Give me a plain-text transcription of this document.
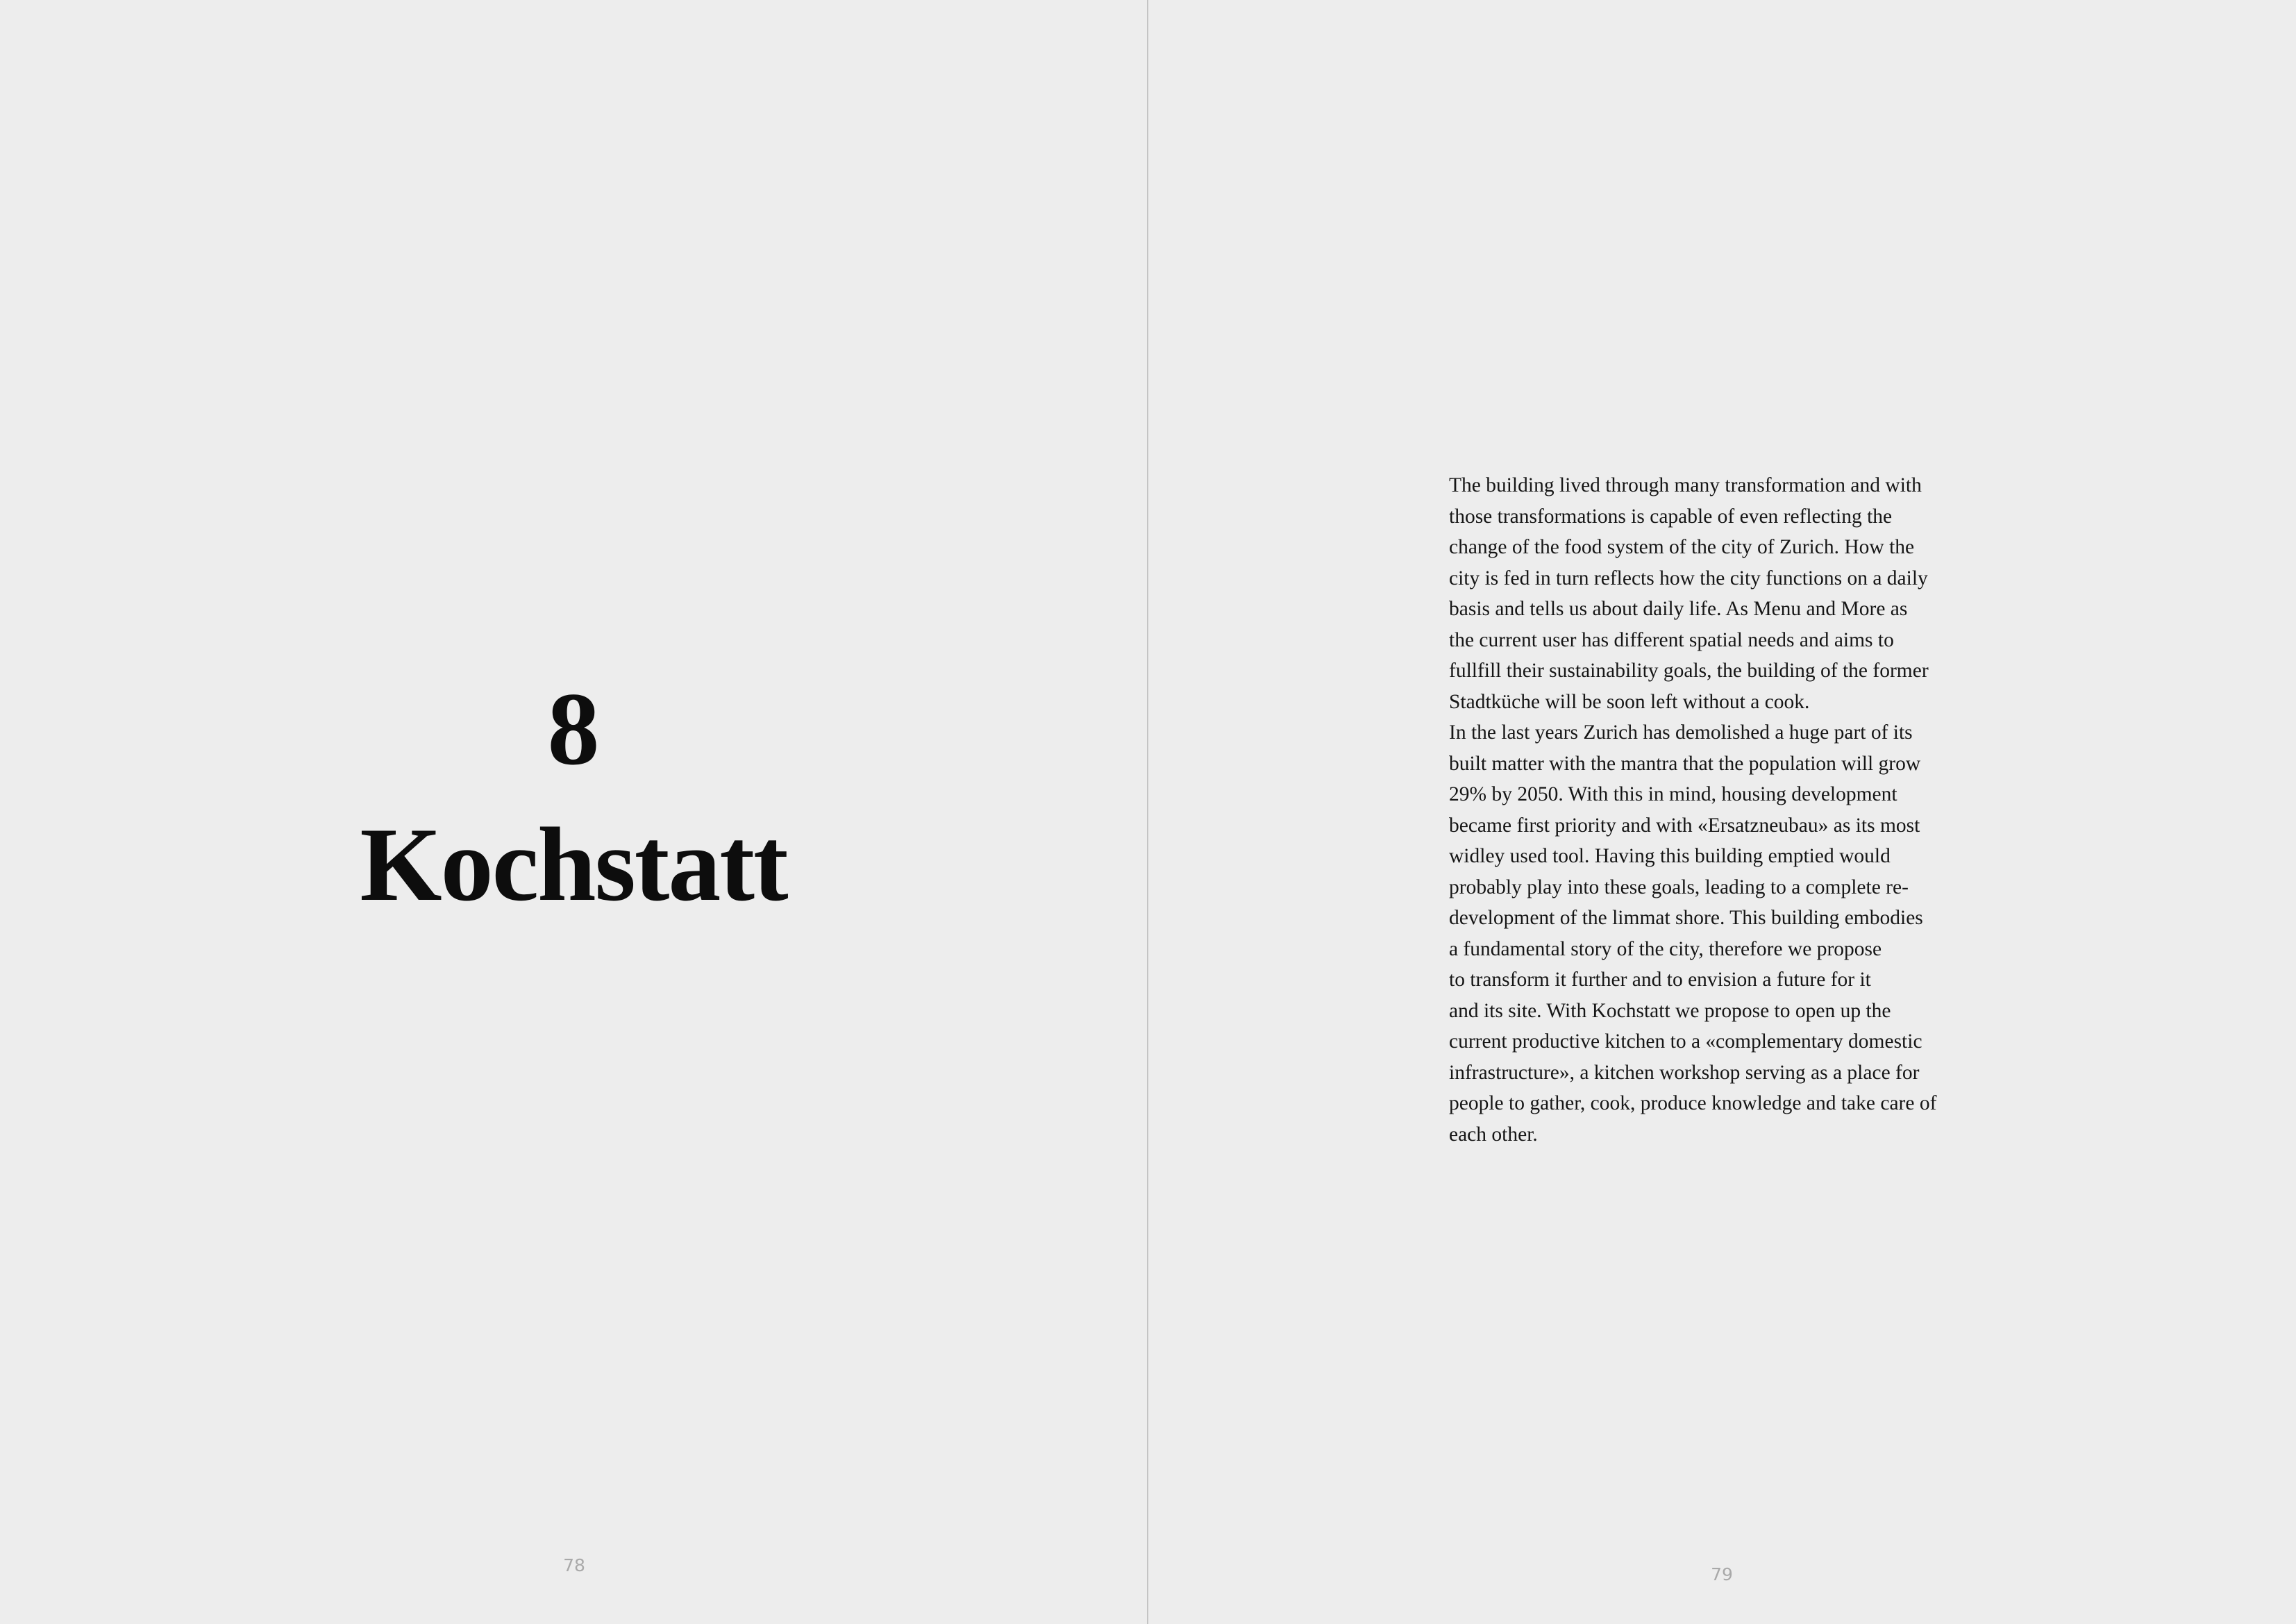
8
Kochstatt
78

The building lived through many transformation and with
those transformations is capable of even reflecting the
change of the food system of the city of Zurich. How the
city is fed in turn reflects how the city functions on a daily
basis and tells us about daily life. As Menu and More as
the current user has different spatial needs and aims to
fullfill their sustainability goals, the building of the former
Stadtküche will be soon left without a cook.
In the last years Zurich has demolished a huge part of its
built matter with the mantra that the population will grow
29% by 2050. With this in mind, housing development
became first priority and with «Ersatzneubau» as its most
widley used tool. Having this building emptied would
probably play into these goals, leading to a complete re-
development of the limmat shore. This building embodies
a fundamental story of the city, therefore we propose
to transform it further and to envision a future for it
and its site. With Kochstatt we propose to open up the
current productive kitchen to a «complementary domestic
infrastructure», a kitchen workshop serving as a place for
people to gather, cook, produce knowledge and take care of
each other.

79
